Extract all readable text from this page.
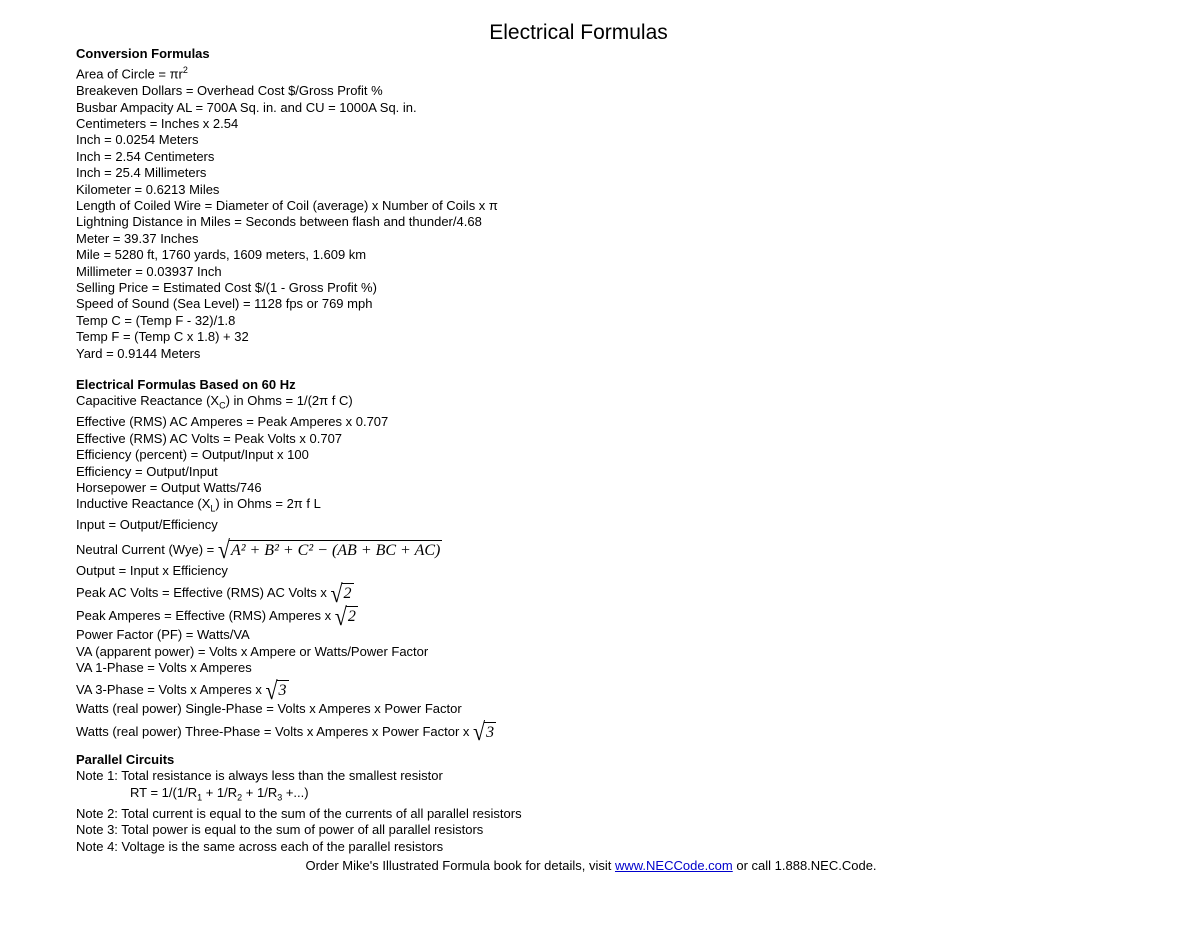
Electrical Formulas
Conversion Formulas
Area of Circle = $\pi r^2$
Breakeven Dollars = Overhead Cost $/Gross Profit %
Busbar Ampacity AL = 700A Sq. in. and CU = 1000A Sq. in.
Centimeters = Inches x 2.54
Inch = 0.0254 Meters
Inch = 2.54 Centimeters
Inch = 25.4 Millimeters
Kilometer = 0.6213 Miles
Length of Coiled Wire = Diameter of Coil (average) x Number of Coils x π
Lightning Distance in Miles = Seconds between flash and thunder/4.68
Meter = 39.37 Inches
Mile = 5280 ft, 1760 yards, 1609 meters, 1.609 km
Millimeter = 0.03937 Inch
Selling Price = Estimated Cost $/(1 - Gross Profit %)
Speed of Sound (Sea Level) = 1128 fps or 769 mph
Temp C = (Temp F - 32)/1.8
Temp F = (Temp C x 1.8) + 32
Yard = 0.9144 Meters
Electrical Formulas Based on 60 Hz
Capacitive Reactance $(X_C)$ in Ohms = 1/(2π f C)
Effective (RMS) AC Amperes = Peak Amperes x 0.707
Effective (RMS) AC Volts = Peak Volts x 0.707
Efficiency (percent) = Output/Input x 100
Efficiency = Output/Input
Horsepower = Output Watts/746
Inductive Reactance $(X_L)$ in Ohms = 2π f L
Input = Output/Efficiency
Neutral Current (Wye) = √A² + B² + C² − (AB + BC + AC)
Output = Input x Efficiency
Peak AC Volts = Effective (RMS) AC Volts x √2
Peak Amperes = Effective (RMS) Amperes x √2
Power Factor (PF) = Watts/VA
VA (apparent power) = Volts x Ampere or Watts/Power Factor
VA 1-Phase = Volts x Amperes
VA 3-Phase = Volts x Amperes x √3
Watts (real power) Single-Phase = Volts x Amperes x Power Factor
Watts (real power) Three-Phase = Volts x Amperes x Power Factor x √3
Parallel Circuits
Note 1: Total resistance is always less than the smallest resistor
RT = $1/(1/R_1 + 1/R_2 + 1/R_3$ +...)
Note 2: Total current is equal to the sum of the currents of all parallel resistors
Note 3: Total power is equal to the sum of power of all parallel resistors
Note 4: Voltage is the same across each of the parallel resistors
Order Mike's Illustrated Formula book for details, visit www.NECCode.com or call 1.888.NEC.Code.
